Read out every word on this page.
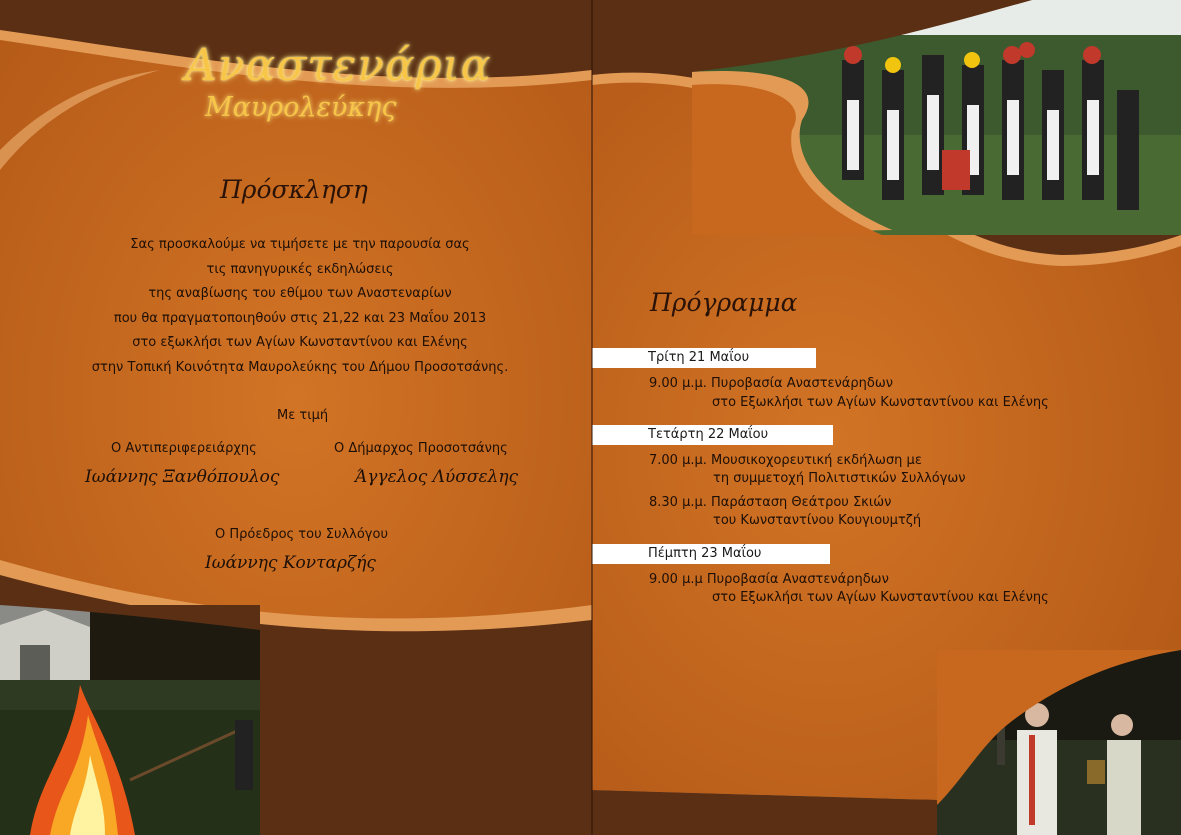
Αναστενάρια
Μαυρολεύκης
Πρόσκληση
Σας προσκαλούμε να τιμήσετε με την παρουσία σας
τις πανηγυρικές εκδηλώσεις
της αναβίωσης του εθίμου των Αναστεναρίων
που θα πραγματοποιηθούν στις 21,22 και 23 Μαΐου 2013
στο εξωκλήσι των Αγίων Κωνσταντίνου και Ελένης
στην Τοπική Κοινότητα Μαυρολεύκης του Δήμου Προσοτσάνης.
Με τιμή
Ο Αντιπεριφερειάρχης
Ιωάννης Ξανθόπουλος
Ο Δήμαρχος Προσοτσάνης
Άγγελος Λύσσελης
Ο Πρόεδρος του Συλλόγου
Ιωάννης Κονταρζής
Πρόγραμμα
Τρίτη 21 Μαΐου
9.00 μ.μ. Πυροβασία Αναστενάρηδων
στο Εξωκλήσι των Αγίων Κωνσταντίνου και Ελένης
Τετάρτη 22 Μαΐου
7.00 μ.μ. Μουσικοχορευτική εκδήλωση με
τη συμμετοχή Πολιτιστικών Συλλόγων
8.30 μ.μ. Παράσταση Θεάτρου Σκιών
του Κωνσταντίνου Κουγιουμτζή
Πέμπτη 23 Μαΐου
9.00 μ.μ Πυροβασία Αναστενάρηδων
στο Εξωκλήσι των Αγίων Κωνσταντίνου και Ελένης
